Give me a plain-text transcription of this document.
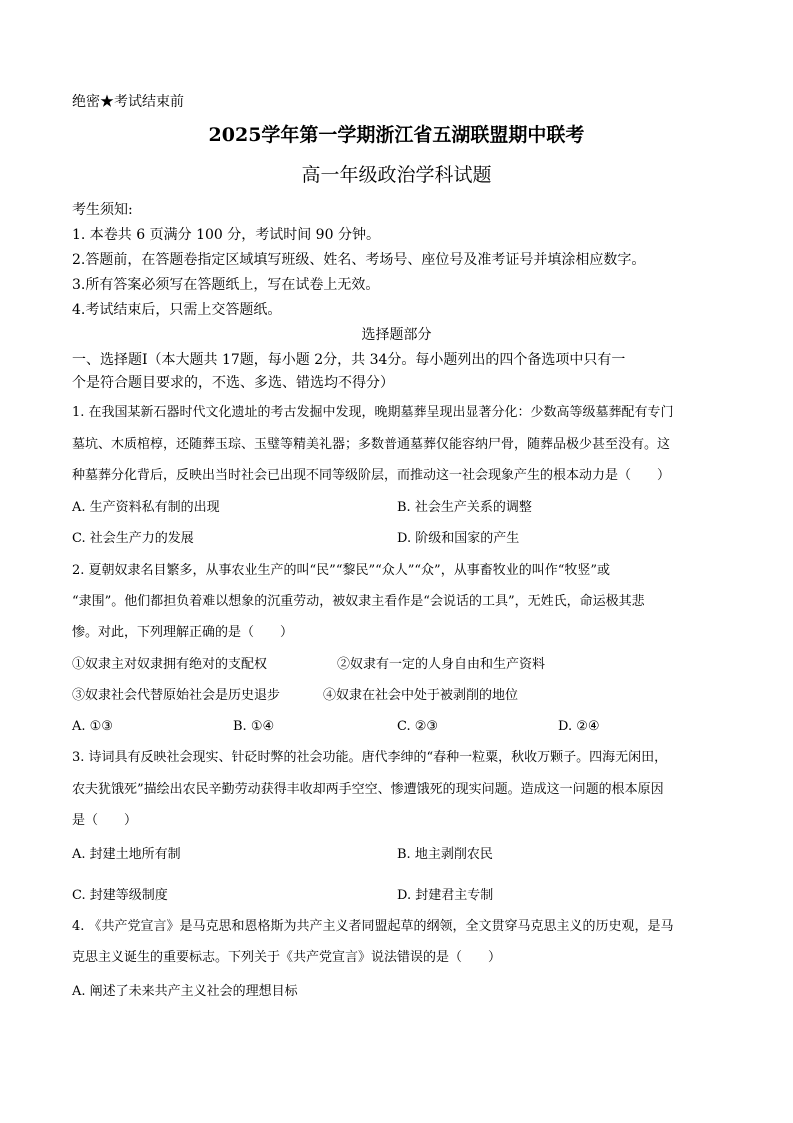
绝密★考试结束前
2025学年第一学期浙江省五湖联盟期中联考
高一年级政治学科试题
考生须知:
1. 本卷共 6 页满分 100 分，考试时间 90 分钟。
2.答题前，在答题卷指定区域填写班级、姓名、考场号、座位号及准考证号并填涂相应数字。
3.所有答案必须写在答题纸上，写在试卷上无效。
4.考试结束后，只需上交答题纸。
选择题部分
一、选择题Ⅰ（本大题共 17题，每小题 2分，共 34分。每小题列出的四个备选项中只有一
个是符合题目要求的，不选、多选、错选均不得分）
1. 在我国某新石器时代文化遗址的考古发掘中发现，晚期墓葬呈现出显著分化：少数高等级墓葬配有专门
墓坑、木质棺椁，还随葬玉琮、玉璧等精美礼器；多数普通墓葬仅能容纳尸骨，随葬品极少甚至没有。这
种墓葬分化背后，反映出当时社会已出现不同等级阶层，而推动这一社会现象产生的根本动力是（　　）
A. 生产资料私有制的出现	B. 社会生产关系的调整
C. 社会生产力的发展	D. 阶级和国家的产生
2. 夏朝奴隶名目繁多，从事农业生产的叫“民”“黎民”“众人”“众”，从事畜牧业的叫作“牧竖”或
“隶围”。他们都担负着难以想象的沉重劳动，被奴隶主看作是“会说话的工具”，无姓氏，命运极其悲
惨。对此，下列理解正确的是（　　）
①奴隶主对奴隶拥有绝对的支配权	②奴隶有一定的人身自由和生产资料
③奴隶社会代替原始社会是历史退步	④奴隶在社会中处于被剥削的地位
A. ①③	B. ①④	C. ②③	D. ②④
3. 诗词具有反映社会现实、针砭时弊的社会功能。唐代李绅的“春种一粒粟，秋收万颗子。四海无闲田，
农夫犹饿死”描绘出农民辛勤劳动获得丰收却两手空空、惨遭饿死的现实问题。造成这一问题的根本原因
是（　　）
A. 封建土地所有制	B. 地主剥削农民
C. 封建等级制度	D. 封建君主专制
4. 《共产党宣言》是马克思和恩格斯为共产主义者同盟起草的纲领，全文贯穿马克思主义的历史观，是马
克思主义诞生的重要标志。下列关于《共产党宣言》说法错误的是（　　）
A. 阐述了未来共产主义社会的理想目标
